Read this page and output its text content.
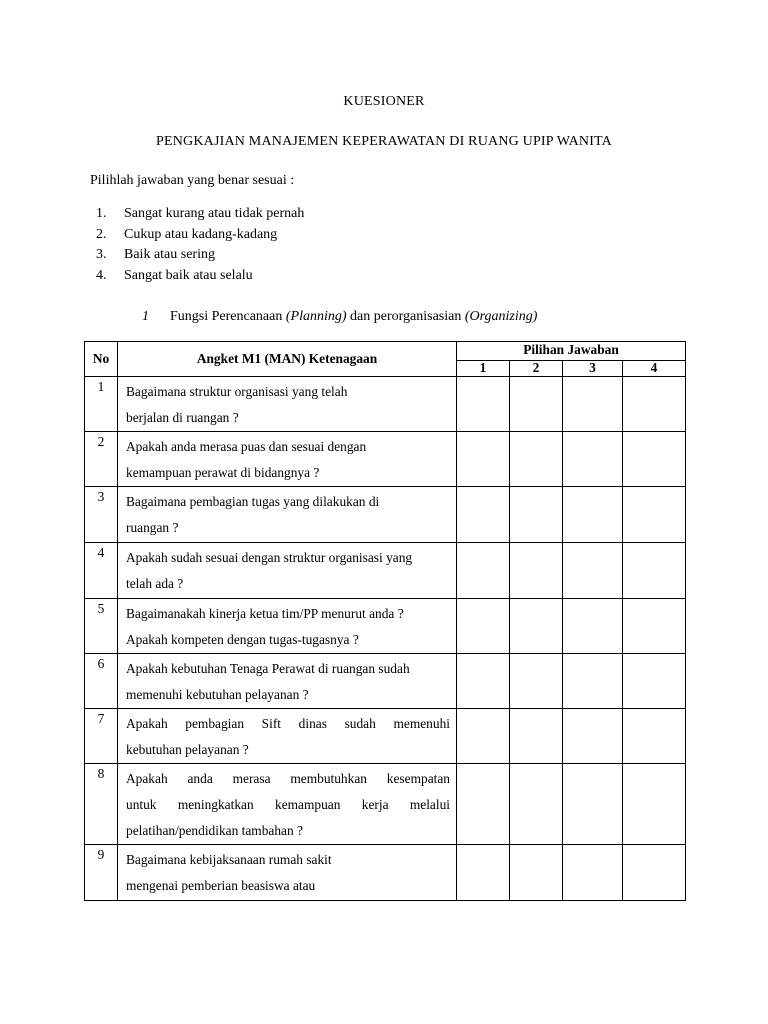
KUESIONER
PENGKAJIAN MANAJEMEN KEPERAWATAN DI RUANG UPIP WANITA
Pilihlah jawaban yang benar sesuai :
1. Sangat kurang atau tidak pernah
2. Cukup atau kadang-kadang
3. Baik atau sering
4. Sangat baik atau selalu
1 Fungsi Perencanaan (Planning) dan perorganisasian (Organizing)
No	Angket M1 (MAN) Ketenagaan	Pilihan Jawaban			
		1	2	3	4
1	Bagaimana struktur organisasi yang telah
berjalan di ruangan ?				

2	Apakah anda merasa puas dan sesuai dengan
kemampuan perawat di bidangnya ?				

3	Bagaimana pembagian tugas yang dilakukan di
ruangan ?				

4	Apakah sudah sesuai dengan struktur organisasi yang
telah ada ?				

5	Bagaimanakah kinerja ketua tim/PP menurut anda ?
Apakah kompeten dengan tugas-tugasnya ?				

6	Apakah kebutuhan Tenaga Perawat di ruangan sudah
memenuhi kebutuhan pelayanan ?				

7	Apakah pembagian Sift dinas sudah memenuhi
kebutuhan pelayanan ?				

8	Apakah anda merasa membutuhkan kesempatan
untuk meningkatkan kemampuan kerja melalui
pelatihan/pendidikan tambahan ?				

9	Bagaimana kebijaksanaan rumah sakit
mengenai pemberian beasiswa atau				
